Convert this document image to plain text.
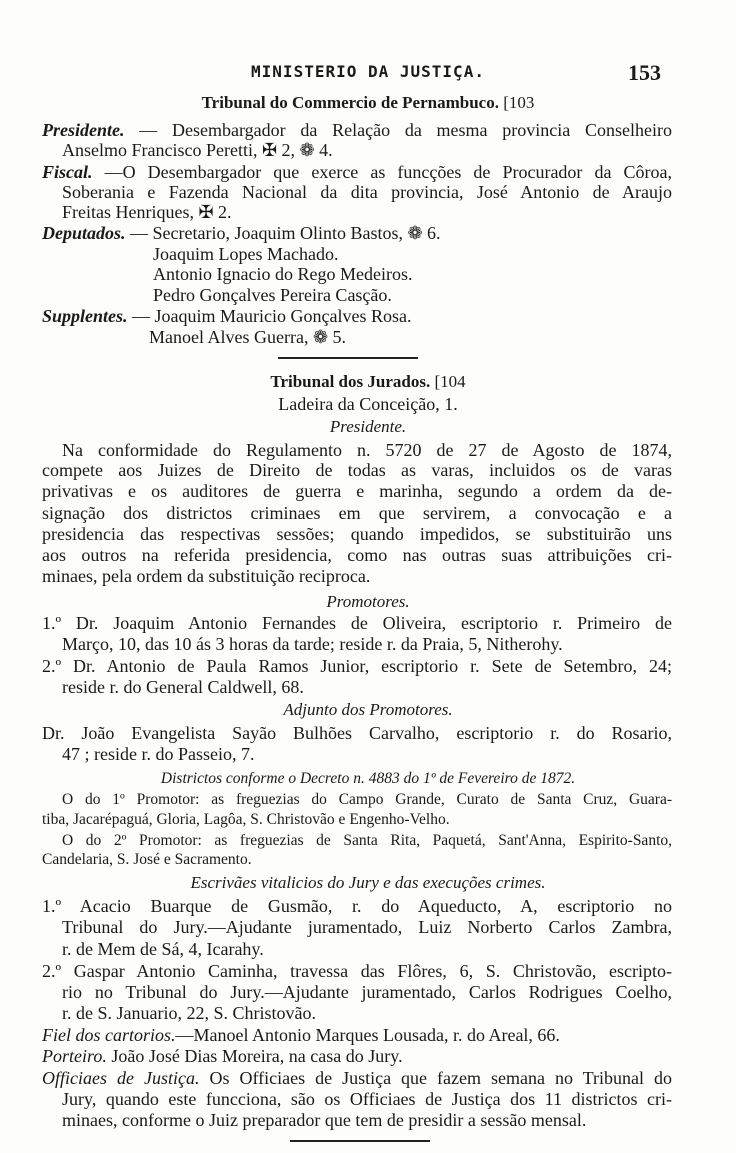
MINISTERIO DA JUSTIÇA.	153
Tribunal do Commercio de Pernambuco. [103
Presidente. — Desembargador da Relação da mesma provincia Conselheiro
Anselmo Francisco Peretti, ✠ 2, ❁ 4.
Fiscal. —O Desembargador que exerce as funcções de Procurador da Côroa,
Soberania e Fazenda Nacional da dita provincia, José Antonio de Araujo
Freitas Henriques, ✠ 2.
Deputados. — Secretario, Joaquim Olinto Bastos, ❁ 6.
Joaquim Lopes Machado.
Antonio Ignacio do Rego Medeiros.
Pedro Gonçalves Pereira Casção.
Supplentes. — Joaquim Mauricio Gonçalves Rosa.
Manoel Alves Guerra, ❁ 5.
Tribunal dos Jurados. [104
Ladeira da Conceição, 1.
Presidente.
Na conformidade do Regulamento n. 5720 de 27 de Agosto de 1874,
compete aos Juizes de Direito de todas as varas, incluidos os de varas
privativas e os auditores de guerra e marinha, segundo a ordem da de-
signação dos districtos criminaes em que servirem, a convocação e a
presidencia das respectivas sessões; quando impedidos, se substituirão uns
aos outros na referida presidencia, como nas outras suas attribuições cri-
minaes, pela ordem da substituição reciproca.
Promotores.
1.º Dr. Joaquim Antonio Fernandes de Oliveira, escriptorio r. Primeiro de
Março, 10, das 10 ás 3 horas da tarde; reside r. da Praia, 5, Nitherohy.
2.º Dr. Antonio de Paula Ramos Junior, escriptorio r. Sete de Setembro, 24;
reside r. do General Caldwell, 68.
Adjunto dos Promotores.
Dr. João Evangelista Sayão Bulhões Carvalho, escriptorio r. do Rosario,
47 ; reside r. do Passeio, 7.
Districtos conforme o Decreto n. 4883 do 1º de Fevereiro de 1872.
O do 1º Promotor: as freguezias do Campo Grande, Curato de Santa Cruz, Guara-
tiba, Jacarépaguá, Gloria, Lagôa, S. Christovão e Engenho-Velho.
O do 2º Promotor: as freguezias de Santa Rita, Paquetá, Sant'Anna, Espirito-Santo,
Candelaria, S. José e Sacramento.
Escrivães vitalicios do Jury e das execuções crimes.
1.º Acacio Buarque de Gusmão, r. do Aqueducto, A, escriptorio no
Tribunal do Jury.—Ajudante juramentado, Luiz Norberto Carlos Zambra,
r. de Mem de Sá, 4, Icarahy.
2.º Gaspar Antonio Caminha, travessa das Flôres, 6, S. Christovão, escripto-
rio no Tribunal do Jury.—Ajudante juramentado, Carlos Rodrigues Coelho,
r. de S. Januario, 22, S. Christovão.
Fiel dos cartorios.—Manoel Antonio Marques Lousada, r. do Areal, 66.
Porteiro. João José Dias Moreira, na casa do Jury.
Officiaes de Justiça. Os Officiaes de Justiça que fazem semana no Tribunal do
Jury, quando este funcciona, são os Officiaes de Justiça dos 11 districtos cri-
minaes, conforme o Juiz preparador que tem de presidir a sessão mensal.
